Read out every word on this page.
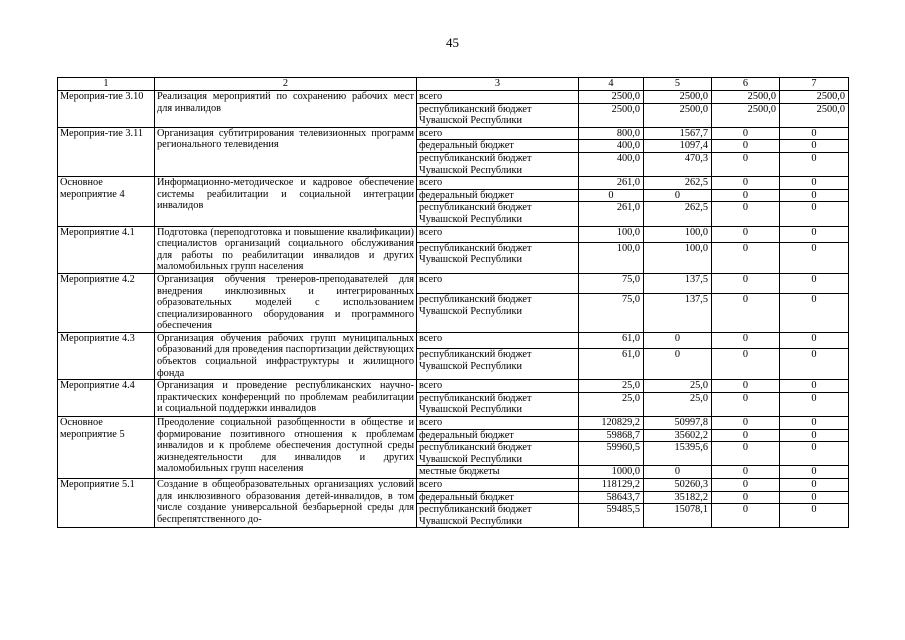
45
1	2	3	4	5	6	7
Мероприя-тие 3.10	Реализация мероприятий по сохранению рабочих мест для инвалидов	всего	2500,0	2500,0	2500,0	2500,0
		республиканский бюджет Чувашской Республики	2500,0	2500,0	2500,0	2500,0
Мероприя-тие 3.11	Организация субтитрирования телевизионных программ регионального телевидения	всего	800,0	1567,7	0	0
		федеральный бюджет	400,0	1097,4	0	0
		республиканский бюджет Чувашской Республики	400,0	470,3	0	0
Основное мероприятие 4	Информационно-методическое и кадровое обеспечение системы реабилитации и социальной интеграции инвалидов	всего	261,0	262,5	0	0
		федеральный бюджет	0	0	0	0
		республиканский бюджет Чувашской Республики	261,0	262,5	0	0
Мероприятие 4.1	Подготовка (переподготовка и повышение квалификации) специалистов организаций социального обслуживания для работы по реабилитации инвалидов и других маломобильных групп населения	всего	100,0	100,0	0	0
		республиканский бюджет Чувашской Республики	100,0	100,0	0	0
Мероприятие 4.2	Организация обучения тренеров-преподавателей для внедрения инклюзивных и интегрированных образовательных моделей с использованием специализированного оборудования и программного обеспечения	всего	75,0	137,5	0	0
		республиканский бюджет Чувашской Республики	75,0	137,5	0	0
Мероприятие 4.3	Организация обучения рабочих групп муниципальных образований для проведения паспортизации действующих объектов социальной инфраструктуры и жилищного фонда	всего	61,0	0	0	0
		республиканский бюджет Чувашской Республики	61,0	0	0	0
Мероприятие 4.4	Организация и проведение республиканских научно-практических конференций по проблемам реабилитации и социальной поддержки инвалидов	всего	25,0	25,0	0	0
		республиканский бюджет Чувашской Республики	25,0	25,0	0	0
Основное мероприятие 5	Преодоление социальной разобщенности в обществе и формирование позитивного отношения к проблемам инвалидов и к проблеме обеспечения доступной среды жизнедеятельности для инвалидов и других маломобильных групп населения	всего	120829,2	50997,8	0	0
		федеральный бюджет	59868,7	35602,2	0	0
		республиканский бюджет Чувашской Республики	59960,5	15395,6	0	0
		местные бюджеты	1000,0	0	0	0
Мероприятие 5.1	Создание в общеобразовательных организациях условий для инклюзивного образования детей-инвалидов, в том числе создание универсальной безбарьерной среды для беспрепятственного до-	всего	118129,2	50260,3	0	0
		федеральный бюджет	58643,7	35182,2	0	0
		республиканский бюджет Чувашской Республики	59485,5	15078,1	0	0
